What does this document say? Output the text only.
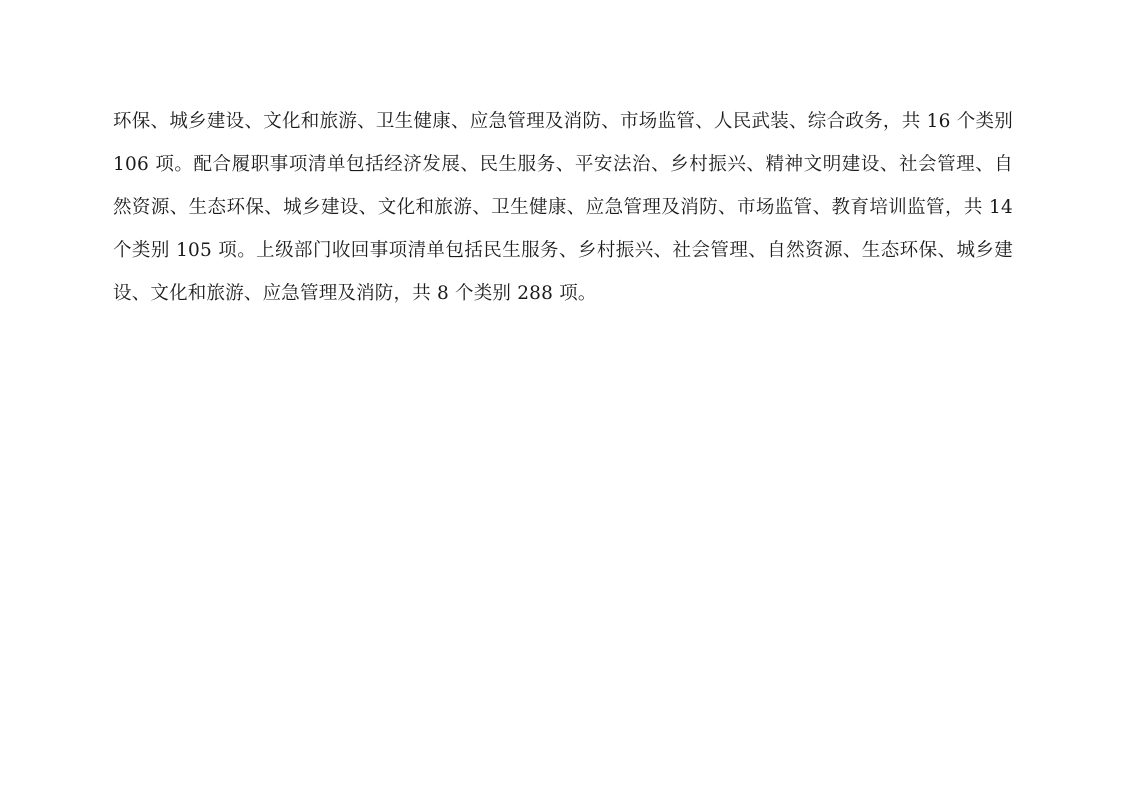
环保、城乡建设、文化和旅游、卫生健康、应急管理及消防、市场监管、人民武装、综合政务，共 16 个类别 106 项。配合履职事项清单包括经济发展、民生服务、平安法治、乡村振兴、精神文明建设、社会管理、自然资源、生态环保、城乡建设、文化和旅游、卫生健康、应急管理及消防、市场监管、教育培训监管，共 14 个类别 105 项。上级部门收回事项清单包括民生服务、乡村振兴、社会管理、自然资源、生态环保、城乡建设、文化和旅游、应急管理及消防，共 8 个类别 288 项。
